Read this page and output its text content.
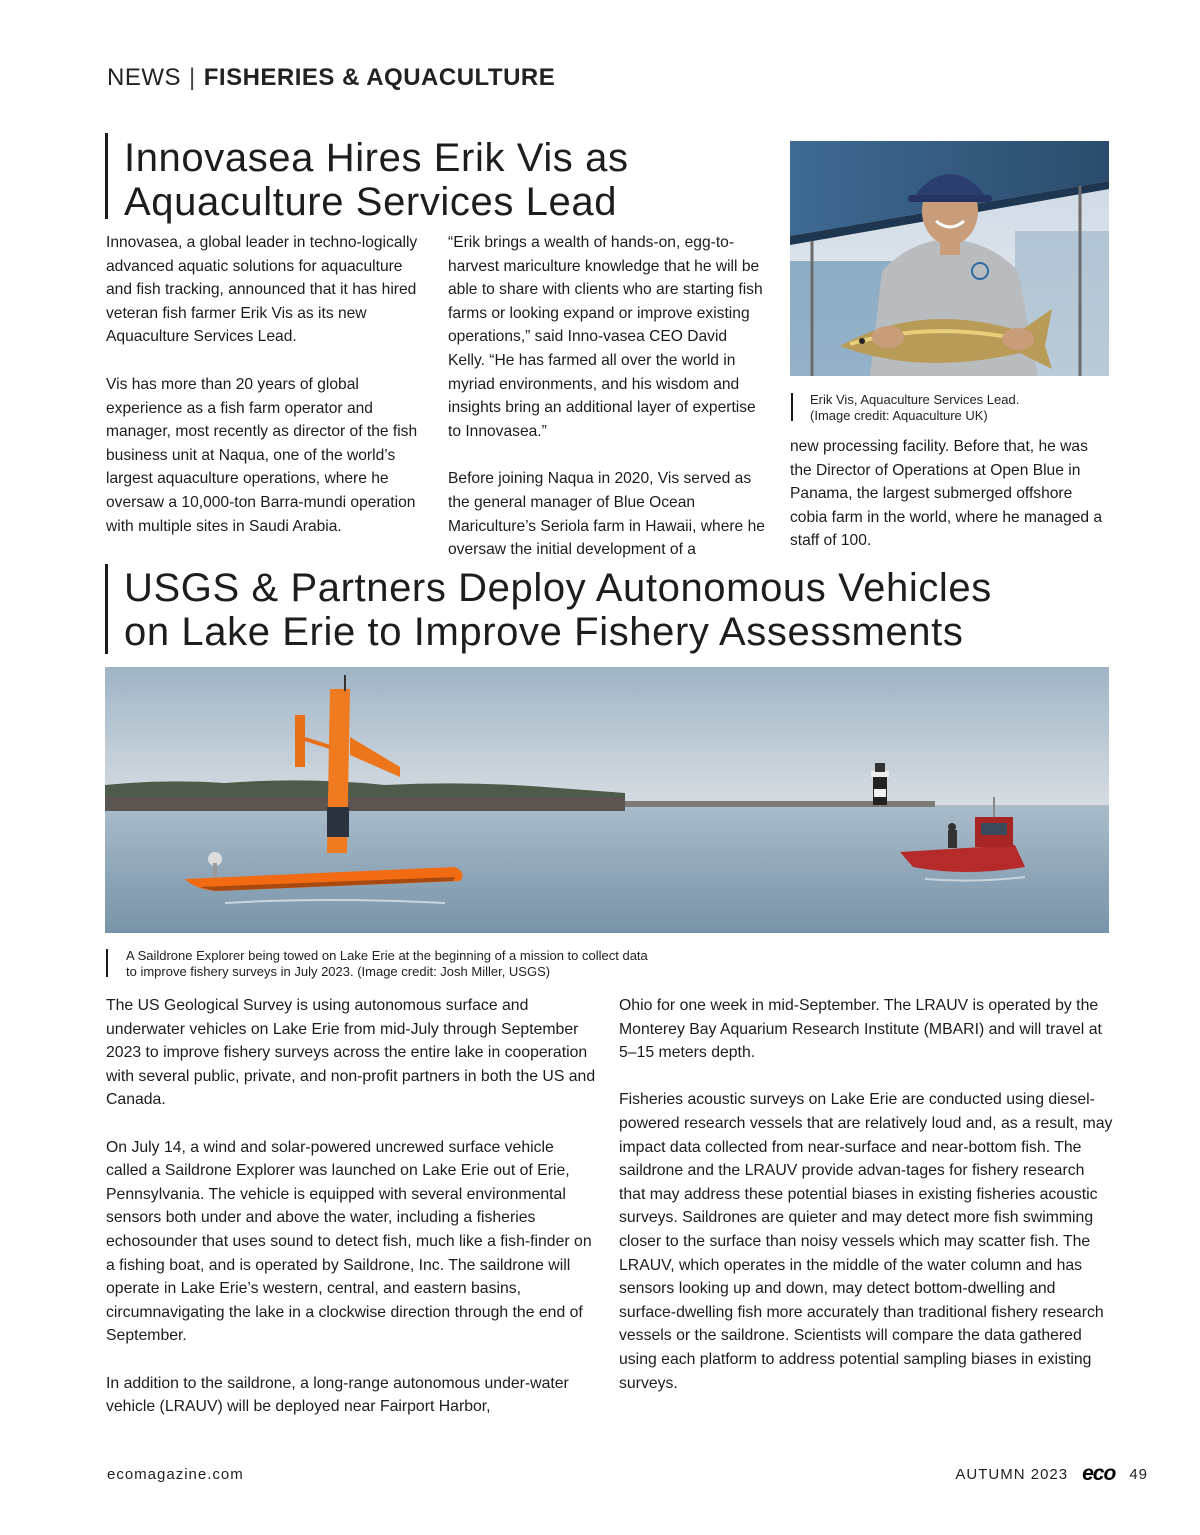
NEWS | FISHERIES & AQUACULTURE
Innovasea Hires Erik Vis as
Aquaculture Services Lead

Innovasea, a global leader in techno-logically advanced aquatic solutions for aquaculture and fish tracking, announced that it has hired veteran fish farmer Erik Vis as its new Aquaculture Services Lead.

Vis has more than 20 years of global experience as a fish farm operator and manager, most recently as director of the fish business unit at Naqua, one of the world’s largest aquaculture operations, where he oversaw a 10,000-ton Barra-mundi operation with multiple sites in Saudi Arabia.

“Erik brings a wealth of hands-on, egg-to-harvest mariculture knowledge that he will be able to share with clients who are starting fish farms or looking expand or improve existing operations,” said Inno-vasea CEO David Kelly. “He has farmed all over the world in myriad environments, and his wisdom and insights bring an additional layer of expertise to Innovasea.”

Before joining Naqua in 2020, Vis served as the general manager of Blue Ocean Mariculture’s Seriola farm in Hawaii, where he oversaw the initial development of a

Erik Vis, Aquaculture Services Lead.
(Image credit: Aquaculture UK)

new processing facility. Before that, he was the Director of Operations at Open Blue in Panama, the largest submerged offshore cobia farm in the world, where he managed a staff of 100.

USGS & Partners Deploy Autonomous Vehicles
on Lake Erie to Improve Fishery Assessments
A Saildrone Explorer being towed on Lake Erie at the beginning of a mission to collect data
to improve fishery surveys in July 2023. (Image credit: Josh Miller, USGS)

The US Geological Survey is using autonomous surface and underwater vehicles on Lake Erie from mid-July through September 2023 to improve fishery surveys across the entire lake in cooperation with several public, private, and non-profit partners in both the US and Canada.

On July 14, a wind and solar-powered uncrewed surface vehicle called a Saildrone Explorer was launched on Lake Erie out of Erie, Pennsylvania. The vehicle is equipped with several environmental sensors both under and above the water, including a fisheries echosounder that uses sound to detect fish, much like a fish-finder on a fishing boat, and is operated by Saildrone, Inc. The saildrone will operate in Lake Erie’s western, central, and eastern basins, circumnavigating the lake in a clockwise direction through the end of September.

In addition to the saildrone, a long-range autonomous under-water vehicle (LRAUV) will be deployed near Fairport Harbor,

Ohio for one week in mid-September. The LRAUV is operated by the Monterey Bay Aquarium Research Institute (MBARI) and will travel at 5–15 meters depth.

Fisheries acoustic surveys on Lake Erie are conducted using diesel-powered research vessels that are relatively loud and, as a result, may impact data collected from near-surface and near-bottom fish. The saildrone and the LRAUV provide advan-tages for fishery research that may address these potential biases in existing fisheries acoustic surveys. Saildrones are quieter and may detect more fish swimming closer to the surface than noisy vessels which may scatter fish. The LRAUV, which operates in the middle of the water column and has sensors looking up and down, may detect bottom-dwelling and surface-dwelling fish more accurately than traditional fishery research vessels or the saildrone. Scientists will compare the data gathered using each platform to address potential sampling biases in existing surveys.

ecomagazine.com	AUTUMN 2023 eco 49
